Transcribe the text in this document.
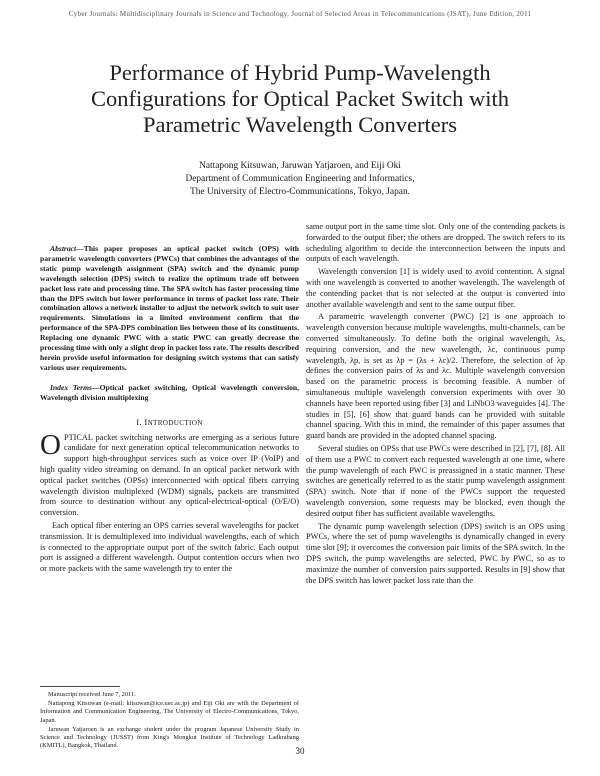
Cyber Journals: Multidisciplinary Journals in Science and Technology, Journal of Selected Areas in Telecommunications (JSAT), June Edition, 2011
Performance of Hybrid Pump-Wavelength
Configurations for Optical Packet Switch with
Parametric Wavelength Converters
Nattapong Kitsuwan, Jaruwan Yatjaroen, and Eiji Oki
Department of Communication Engineering and Informatics,
The University of Electro-Communications, Tokyo, Japan.

Abstract—This paper proposes an optical packet switch (OPS) with parametric wavelength converters (PWCs) that combines the advantages of the static pump wavelength assignment (SPA) switch and the dynamic pump wavelength selection (DPS) switch to realize the optimum trade off between packet loss rate and processing time. The SPA switch has faster processing time than the DPS switch but lower performance in terms of packet loss rate. Their combination allows a network installer to adjust the network switch to suit user requirements. Simulations in a limited environment confirm that the performance of the SPA-DPS combination lies between those of its constituents. Replacing one dynamic PWC with a static PWC can greatly decrease the processing time with only a slight drop in packet loss rate. The results described herein provide useful information for designing switch systems that can satisfy various user requirements.

Index Terms—Optical packet switching, Optical wavelength conversion, Wavelength division multiplexing

I. INTRODUCTION

OPTICAL packet switching networks are emerging as a serious future candidate for next generation optical telecommunication networks to support high-throughput services such as voice over IP (VoIP) and high quality video streaming on demand. In an optical packet network with optical packet switches (OPSs) interconnected with optical fibers carrying wavelength division multiplexed (WDM) signals, packets are transmitted from source to destination without any optical-electrical-optical (O/E/O) conversion.

Each optical fiber entering an OPS carries several wavelengths for packet transmission. It is demultiplexed into individual wavelengths, each of which is connected to the appropriate output port of the switch fabric. Each output port is assigned a different wavelength. Output contention occurs when two or more packets with the same wavelength try to enter the

Manuscript received June 7, 2011.

Nattapong Kitsuwan (e-mail: kitsuwan@ice.uec.ac.jp) and Eiji Oki are with the Department of Information and Communication Engineering, The University of Electro-Communications, Tokyo, Japan.

Jaruwan Yatjaroen is an exchange student under the program Japanese University Study in Science and Technology (JUSST) from King's Mongkut Institute of Technology Ladkrabang (KMITL), Bangkok, Thailand.

same output port in the same time slot. Only one of the contending packets is forwarded to the output fiber; the others are dropped. The switch refers to its scheduling algorithm to decide the interconnection between the inputs and outputs of each wavelength.

Wavelength conversion [1] is widely used to avoid contention. A signal with one wavelength is converted to another wavelength. The wavelength of the contending packet that is not selected at the output is converted into another available wavelength and sent to the same output fiber.

A parametric wavelength converter (PWC) [2] is one approach to wavelength conversion because multiple wavelengths, multi-channels, can be converted simultaneously. To define both the original wavelength, λs, requiring conversion, and the new wavelength, λc, continuous pump wavelength, λp, is set as λp = (λs + λc)/2. Therefore, the selection of λp defines the conversion pairs of λs and λc. Multiple wavelength conversion based on the parametric process is becoming feasible. A number of simultaneous multiple wavelength conversion experiments with over 30 channels have been reported using fiber [3] and LiNbO3 waveguides [4]. The studies in [5], [6] show that guard bands can be provided with suitable channel spacing. With this in mind, the remainder of this paper assumes that guard bands are provided in the adopted channel spacing.

Several studies on OPSs that use PWCs were described in [2], [7], [8]. All of them use a PWC to convert each requested wavelength at one time, where the pump wavelength of each PWC is preassigned in a static manner. These switches are generically referred to as the static pump wavelength assignment (SPA) switch. Note that if none of the PWCs support the requested wavelength conversion, some requests may be blocked, even though the desired output fiber has sufficient available wavelengths.

The dynamic pump wavelength selection (DPS) switch is an OPS using PWCs, where the set of pump wavelengths is dynamically changed in every time slot [9]; it overcomes the conversion pair limits of the SPA switch. In the DPS switch, the pump wavelengths are selected, PWC by PWC, so as to maximize the number of conversion pairs supported. Results in [9] show that the DPS switch has lower packet loss rate than the

30
